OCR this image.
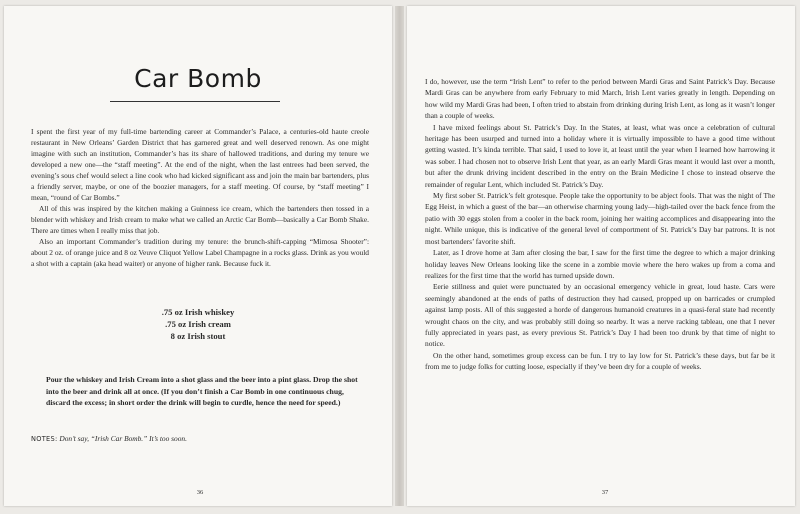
Car Bomb

I spent the first year of my full-time bartending career at Commander’s Palace, a centuries-old haute creole restaurant in New Orleans’ Garden District that has garnered great and well deserved renown. As one might imagine with such an institution, Commander’s has its share of hallowed traditions, and during my tenure we developed a new one—the “staff meeting”. At the end of the night, when the last entrees had been served, the evening’s sous chef would select a line cook who had kicked significant ass and join the main bar bartenders, plus a friendly server, maybe, or one of the boozier managers, for a staff meeting. Of course, by “staff meeting” I mean, “round of Car Bombs.”

All of this was inspired by the kitchen making a Guinness ice cream, which the bartenders then tossed in a blender with whiskey and Irish cream to make what we called an Arctic Car Bomb—basically a Car Bomb Shake. There are times when I really miss that job.

Also an important Commander’s tradition during my tenure: the brunch-shift-capping “Mimosa Shooter”: about 2 oz. of orange juice and 8 oz Veuve Cliquot Yellow Label Champagne in a rocks glass. Drink as you would a shot with a captain (aka head waiter) or anyone of higher rank. Because fuck it.

.75 oz Irish whiskey
.75 oz Irish cream
8 oz Irish stout
Pour the whiskey and Irish Cream into a shot glass and the beer into a pint glass. Drop the shot into the beer and drink all at once. (If you don’t finish a Car Bomb in one continuous chug, discard the excess; in short order the drink will begin to curdle, hence the need for speed.)
NOTES: Don’t say, “Irish Car Bomb.” It’s too soon.
36

I do, however, use the term “Irish Lent” to refer to the period between Mardi Gras and Saint Patrick’s Day. Because Mardi Gras can be anywhere from early February to mid March, Irish Lent varies greatly in length. Depending on how wild my Mardi Gras had been, I often tried to abstain from drinking during Irish Lent, as long as it wasn’t longer than a couple of weeks.

I have mixed feelings about St. Patrick’s Day. In the States, at least, what was once a celebration of cultural heritage has been usurped and turned into a holiday where it is virtually impossible to have a good time without getting wasted. It’s kinda terrible. That said, I used to love it, at least until the year when I learned how harrowing it was sober. I had chosen not to observe Irish Lent that year, as an early Mardi Gras meant it would last over a month, but after the drunk driving incident described in the entry on the Brain Medicine I chose to instead observe the remainder of regular Lent, which included St. Patrick’s Day.

My first sober St. Patrick’s felt grotesque. People take the opportunity to be abject fools. That was the night of The Egg Heist, in which a guest of the bar—an otherwise charming young lady—high-tailed over the back fence from the patio with 30 eggs stolen from a cooler in the back room, joining her waiting accomplices and disappearing into the night. While unique, this is indicative of the general level of comportment of St. Patrick’s Day bar patrons. It is not most bartenders’ favorite shift.

Later, as I drove home at 3am after closing the bar, I saw for the first time the degree to which a major drinking holiday leaves New Orleans looking like the scene in a zombie movie where the hero wakes up from a coma and realizes for the first time that the world has turned upside down.

Eerie stillness and quiet were punctuated by an occasional emergency vehicle in great, loud haste. Cars were seemingly abandoned at the ends of paths of destruction they had caused, propped up on barricades or crumpled against lamp posts. All of this suggested a horde of dangerous humanoid creatures in a quasi-feral state had recently wrought chaos on the city, and was probably still doing so nearby. It was a nerve racking tableau, one that I never fully appreciated in years past, as every previous St. Patrick’s Day I had been too drunk by that time of night to notice.

On the other hand, sometimes group excess can be fun. I try to lay low for St. Patrick’s these days, but far be it from me to judge folks for cutting loose, especially if they’ve been dry for a couple of weeks.

37
